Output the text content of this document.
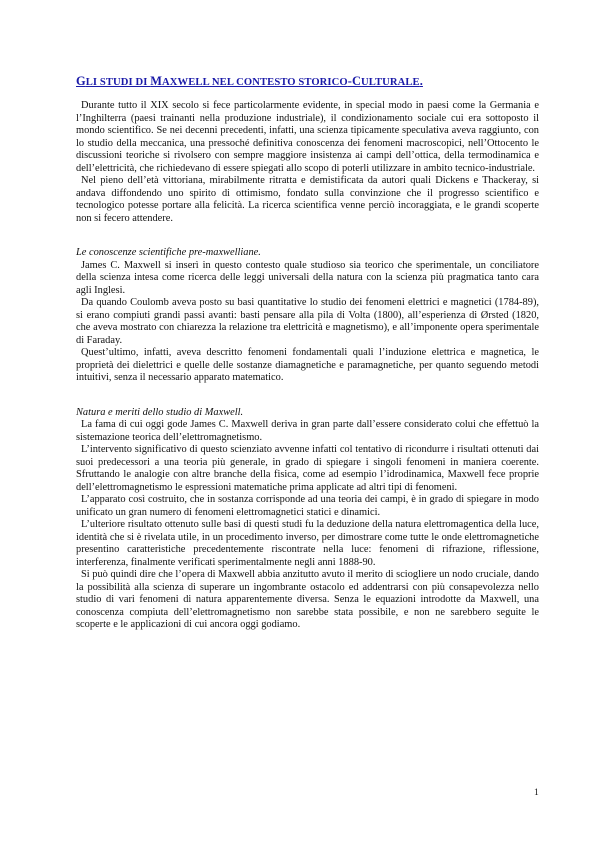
GLI STUDI DI MAXWELL NEL CONTESTO STORICO-CULTURALE.

Durante tutto il XIX secolo si fece particolarmente evidente, in special modo in paesi come la Germania e l’Inghilterra (paesi trainanti nella produzione industriale), il condizionamento sociale cui era sottoposto il mondo scientifico. Se nei decenni precedenti, infatti, una scienza tipicamente speculativa aveva raggiunto, con lo studio della meccanica, una pressoché definitiva conoscenza dei fenomeni macroscopici, nell’Ottocento le discussioni teoriche si rivolsero con sempre maggiore insistenza ai campi dell’ottica, della termodinamica e dell’elettricità, che richiedevano di essere spiegati allo scopo di poterli utilizzare in ambito tecnico-industriale.

Nel pieno dell’età vittoriana, mirabilmente ritratta e demistificata da autori quali Dickens e Thackeray, si andava diffondendo uno spirito di ottimismo, fondato sulla convinzione che il progresso scientifico e tecnologico potesse portare alla felicità. La ricerca scientifica venne perciò incoraggiata, e le grandi scoperte non si fecero attendere.

Le conoscenze scientifiche pre-maxwelliane.

James C. Maxwell si inserì in questo contesto quale studioso sia teorico che sperimentale, un conciliatore della scienza intesa come ricerca delle leggi universali della natura con la scienza più pragmatica tanto cara agli Inglesi.

Da quando Coulomb aveva posto su basi quantitative lo studio dei fenomeni elettrici e magnetici (1784-89), si erano compiuti grandi passi avanti: basti pensare alla pila di Volta (1800), all’esperienza di Ørsted (1820, che aveva mostrato con chiarezza la relazione tra elettricità e magnetismo), e all’imponente opera sperimentale di Faraday.

Quest’ultimo, infatti, aveva descritto fenomeni fondamentali quali l’induzione elettrica e magnetica, le proprietà dei dielettrici e quelle delle sostanze diamagnetiche e paramagnetiche, per quanto seguendo metodi intuitivi, senza il necessario apparato matematico.

Natura e meriti dello studio di Maxwell.

La fama di cui oggi gode James C. Maxwell deriva in gran parte dall’essere considerato colui che effettuò la sistemazione teorica dell’elettromagnetismo.

L’intervento significativo di questo scienziato avvenne infatti col tentativo di ricondurre i risultati ottenuti dai suoi predecessori a una teoria più generale, in grado di spiegare i singoli fenomeni in maniera coerente. Sfruttando le analogie con altre branche della fisica, come ad esempio l’idrodinamica, Maxwell fece proprie dell’elettromagnetismo le espressioni matematiche prima applicate ad altri tipi di fenomeni.

L’apparato così costruito, che in sostanza corrisponde ad una teoria dei campi, è in grado di spiegare in modo unificato un gran numero di fenomeni elettromagnetici statici e dinamici.

L’ulteriore risultato ottenuto sulle basi di questi studi fu la deduzione della natura elettromagentica della luce, identità che si è rivelata utile, in un procedimento inverso, per dimostrare come tutte le onde elettromagnetiche presentino caratteristiche precedentemente riscontrate nella luce: fenomeni di rifrazione, riflessione, interferenza, finalmente verificati sperimentalmente negli anni 1888-90.

Si può quindi dire che l’opera di Maxwell abbia anzitutto avuto il merito di sciogliere un nodo cruciale, dando la possibilità alla scienza di superare un ingombrante ostacolo ed addentrarsi con più consapevolezza nello studio di vari fenomeni di natura apparentemente diversa. Senza le equazioni introdotte da Maxwell, una conoscenza compiuta dell’elettromagnetismo non sarebbe stata possibile, e non ne sarebbero seguite le scoperte e le applicazioni di cui ancora oggi godiamo.

1
